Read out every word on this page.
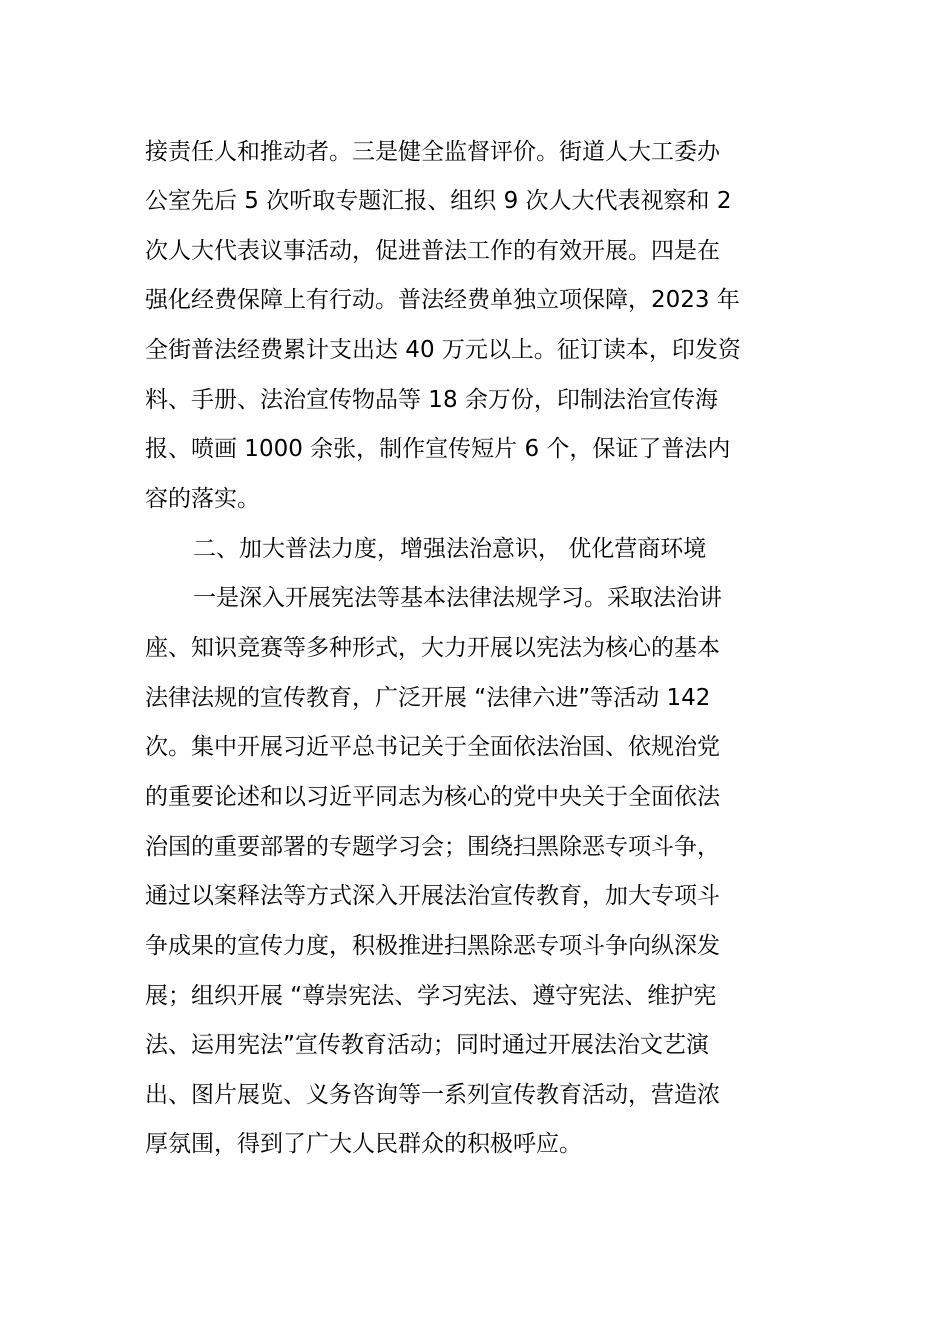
接责任人和推动者。三是健全监督评价。街道人大工委办
公室先后 5 次听取专题汇报、组织 9 次人大代表视察和 2
次人大代表议事活动，促进普法工作的有效开展。四是在
强化经费保障上有行动。普法经费单独立项保障，2023 年
全街普法经费累计支出达 40 万元以上。征订读本，印发资
料、手册、法治宣传物品等 18 余万份，印制法治宣传海
报、喷画 1000 余张，制作宣传短片 6 个，保证了普法内
容的落实。
二、加大普法力度，增强法治意识， 优化营商环境
一是深入开展宪法等基本法律法规学习。采取法治讲
座、知识竞赛等多种形式，大力开展以宪法为核心的基本
法律法规的宣传教育，广泛开展 “法律六进”等活动 142
次。集中开展习近平总书记关于全面依法治国、依规治党
的重要论述和以习近平同志为核心的党中央关于全面依法
治国的重要部署的专题学习会；围绕扫黑除恶专项斗争，
通过以案释法等方式深入开展法治宣传教育，加大专项斗
争成果的宣传力度，积极推进扫黑除恶专项斗争向纵深发
展；组织开展 “尊崇宪法、学习宪法、遵守宪法、维护宪
法、运用宪法”宣传教育活动；同时通过开展法治文艺演
出、图片展览、义务咨询等一系列宣传教育活动，营造浓
厚氛围，得到了广大人民群众的积极呼应。
